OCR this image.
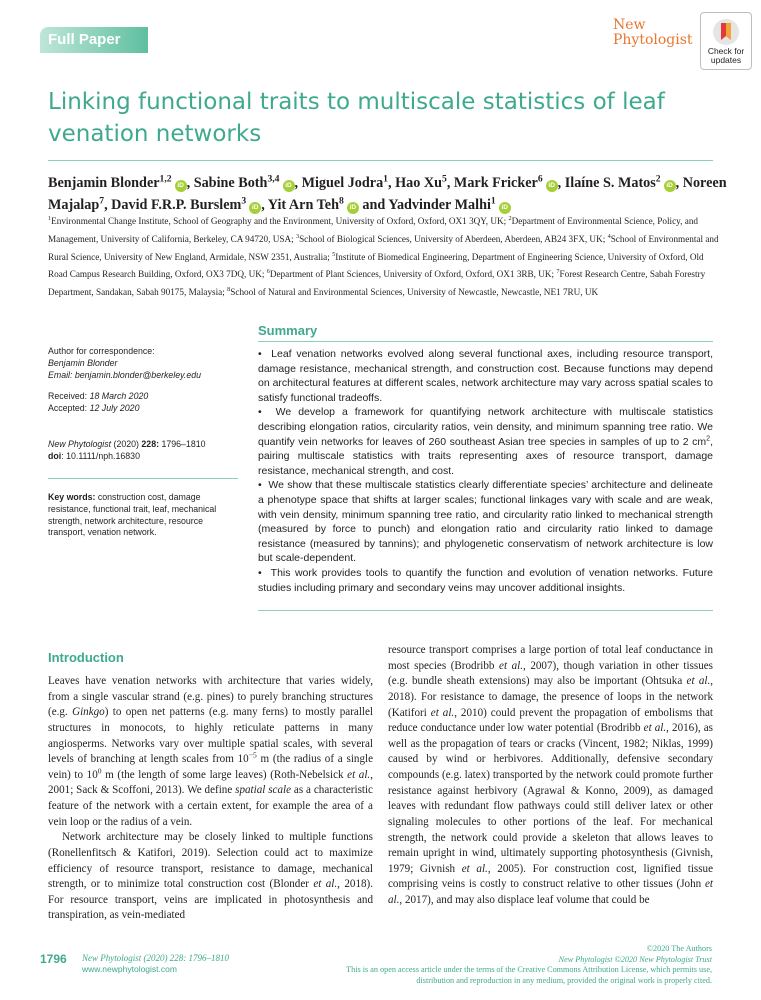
Full Paper
New
Phytologist
Check for
updates
Linking functional traits to multiscale statistics of leaf venation networks
Benjamin Blonder$^{1,2}$iD , Sabine Both$^{3,4}$iD , Miguel Jodra$^1$, Hao Xu$^5$, Mark Fricker$^6$iD , Ilaíne S. Matos$^2$iD , Noreen Majalap$^7$, David F.R.P. Burslem$^3$iD , Yit Arn Teh$^8$iD and Yadvinder Malhi$^1$iD
$^1$Environmental Change Institute, School of Geography and the Environment, University of Oxford, Oxford, OX1 3QY, UK; $^2$Department of Environmental Science, Policy, and Management, University of California, Berkeley, CA 94720, USA; $^3$School of Biological Sciences, University of Aberdeen, Aberdeen, AB24 3FX, UK; $^4$School of Environmental and Rural Science, University of New England, Armidale, NSW 2351, Australia; $^5$Institute of Biomedical Engineering, Department of Engineering Science, University of Oxford, Old Road Campus Research Building, Oxford, OX3 7DQ, UK; $^6$Department of Plant Sciences, University of Oxford, Oxford, OX1 3RB, UK; $^7$Forest Research Centre, Sabah Forestry Department, Sandakan, Sabah 90175, Malaysia; $^8$School of Natural and Environmental Sciences, University of Newcastle, Newcastle, NE1 7RU, UK

Author for correspondence:

Benjamin Blonder

Email: benjamin.blonder@berkeley.edu

Received: 18 March 2020

Accepted: 12 July 2020

New Phytologist (2020) 228: 1796–1810

doi: 10.1111/nph.16830

Key words: construction cost, damage resistance, functional trait, leaf, mechanical strength, network architecture, resource transport, venation network.

Summary

• Leaf venation networks evolved along several functional axes, including resource transport, damage resistance, mechanical strength, and construction cost. Because functions may depend on architectural features at different scales, network architecture may vary across spatial scales to satisfy functional tradeoffs.

• We develop a framework for quantifying network architecture with multiscale statistics describing elongation ratios, circularity ratios, vein density, and minimum spanning tree ratio. We quantify vein networks for leaves of 260 southeast Asian tree species in samples of up to 2 $cm^2$, pairing multiscale statistics with traits representing axes of resource transport, damage resistance, mechanical strength, and cost.

• We show that these multiscale statistics clearly differentiate species’ architecture and delineate a phenotype space that shifts at larger scales; functional linkages vary with scale and are weak, with vein density, minimum spanning tree ratio, and circularity ratio linked to mechanical strength (measured by force to punch) and elongation ratio and circularity ratio linked to damage resistance (measured by tannins); and phylogenetic conservatism of network architecture is low but scale-dependent.

• This work provides tools to quantify the function and evolution of venation networks. Future studies including primary and secondary veins may uncover additional insights.

Introduction

Leaves have venation networks with architecture that varies widely, from a single vascular strand (e.g. pines) to purely branching structures (e.g. Ginkgo) to open net patterns (e.g. many ferns) to mostly parallel structures in monocots, to highly reticulate patterns in many angiosperms. Networks vary over multiple spatial scales, with several levels of branching at length scales from $10^{-5}$ m (the radius of a single vein) to $10^0$ m (the length of some large leaves) (Roth-Nebelsick et al., 2001; Sack & Scoffoni, 2013). We define spatial scale as a characteristic feature of the network with a certain extent, for example the area of a vein loop or the radius of a vein.

Network architecture may be closely linked to multiple functions (Ronellenfitsch & Katifori, 2019). Selection could act to maximize efficiency of resource transport, resistance to damage, mechanical strength, or to minimize total construction cost (Blonder et al., 2018). For resource transport, veins are implicated in photosynthesis and transpiration, as vein-mediated

resource transport comprises a large portion of total leaf conductance in most species (Brodribb et al., 2007), though variation in other tissues (e.g. bundle sheath extensions) may also be important (Ohtsuka et al., 2018). For resistance to damage, the presence of loops in the network (Katifori et al., 2010) could prevent the propagation of embolisms that reduce conductance under low water potential (Brodribb et al., 2016), as well as the propagation of tears or cracks (Vincent, 1982; Niklas, 1999) caused by wind or herbivores. Additionally, defensive secondary compounds (e.g. latex) transported by the network could promote further resistance against herbivory (Agrawal & Konno, 2009), as damaged leaves with redundant flow pathways could still deliver latex or other signaling molecules to other portions of the leaf. For mechanical strength, the network could provide a skeleton that allows leaves to remain upright in wind, ultimately supporting photosynthesis (Givnish, 1979; Givnish et al., 2005). For construction cost, lignified tissue comprising veins is costly to construct relative to other tissues (John et al., 2017), and may also displace leaf volume that could be

1796 New Phytologist (2020) 228: 1796–1810
www.newphytologist.com
©2020 The Authors
New Phytologist ©2020 New Phytologist Trust
This is an open access article under the terms of the Creative Commons Attribution License, which permits use,
distribution and reproduction in any medium, provided the original work is properly cited.
